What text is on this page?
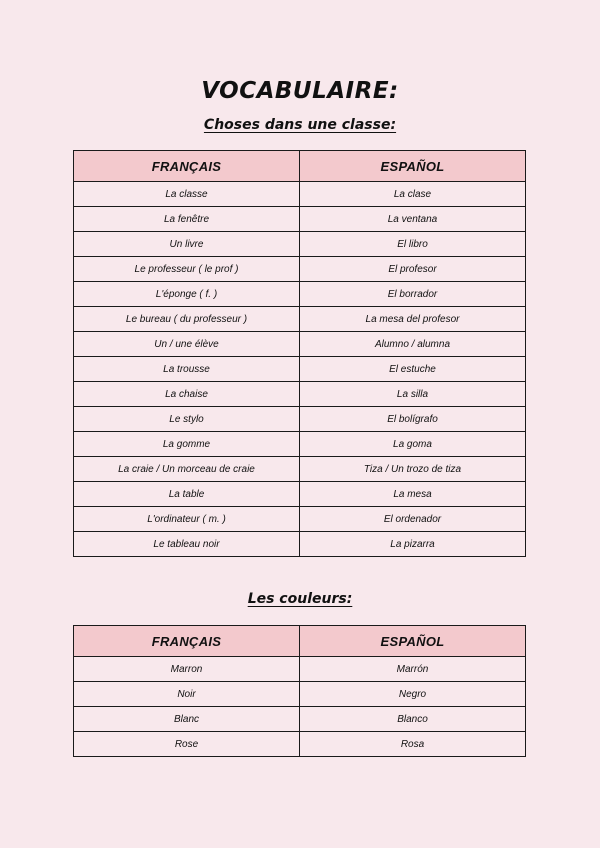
VOCABULAIRE:
Choses dans une classe:
FRANÇAIS	ESPAÑOL
La classe	La clase
La fenêtre	La ventana
Un livre	El libro
Le professeur ( le prof )	El profesor
L'éponge ( f. )	El borrador
Le bureau ( du professeur )	La mesa del profesor
Un / une élève	Alumno / alumna
La trousse	El estuche
La chaise	La silla
Le stylo	El bolígrafo
La gomme	La goma
La craie / Un morceau de craie	Tiza / Un trozo de tiza
La table	La mesa
L'ordinateur ( m. )	El ordenador
Le tableau noir	La pizarra
Les couleurs:
FRANÇAIS	ESPAÑOL
Marron	Marrón
Noir	Negro
Blanc	Blanco
Rose	Rosa
